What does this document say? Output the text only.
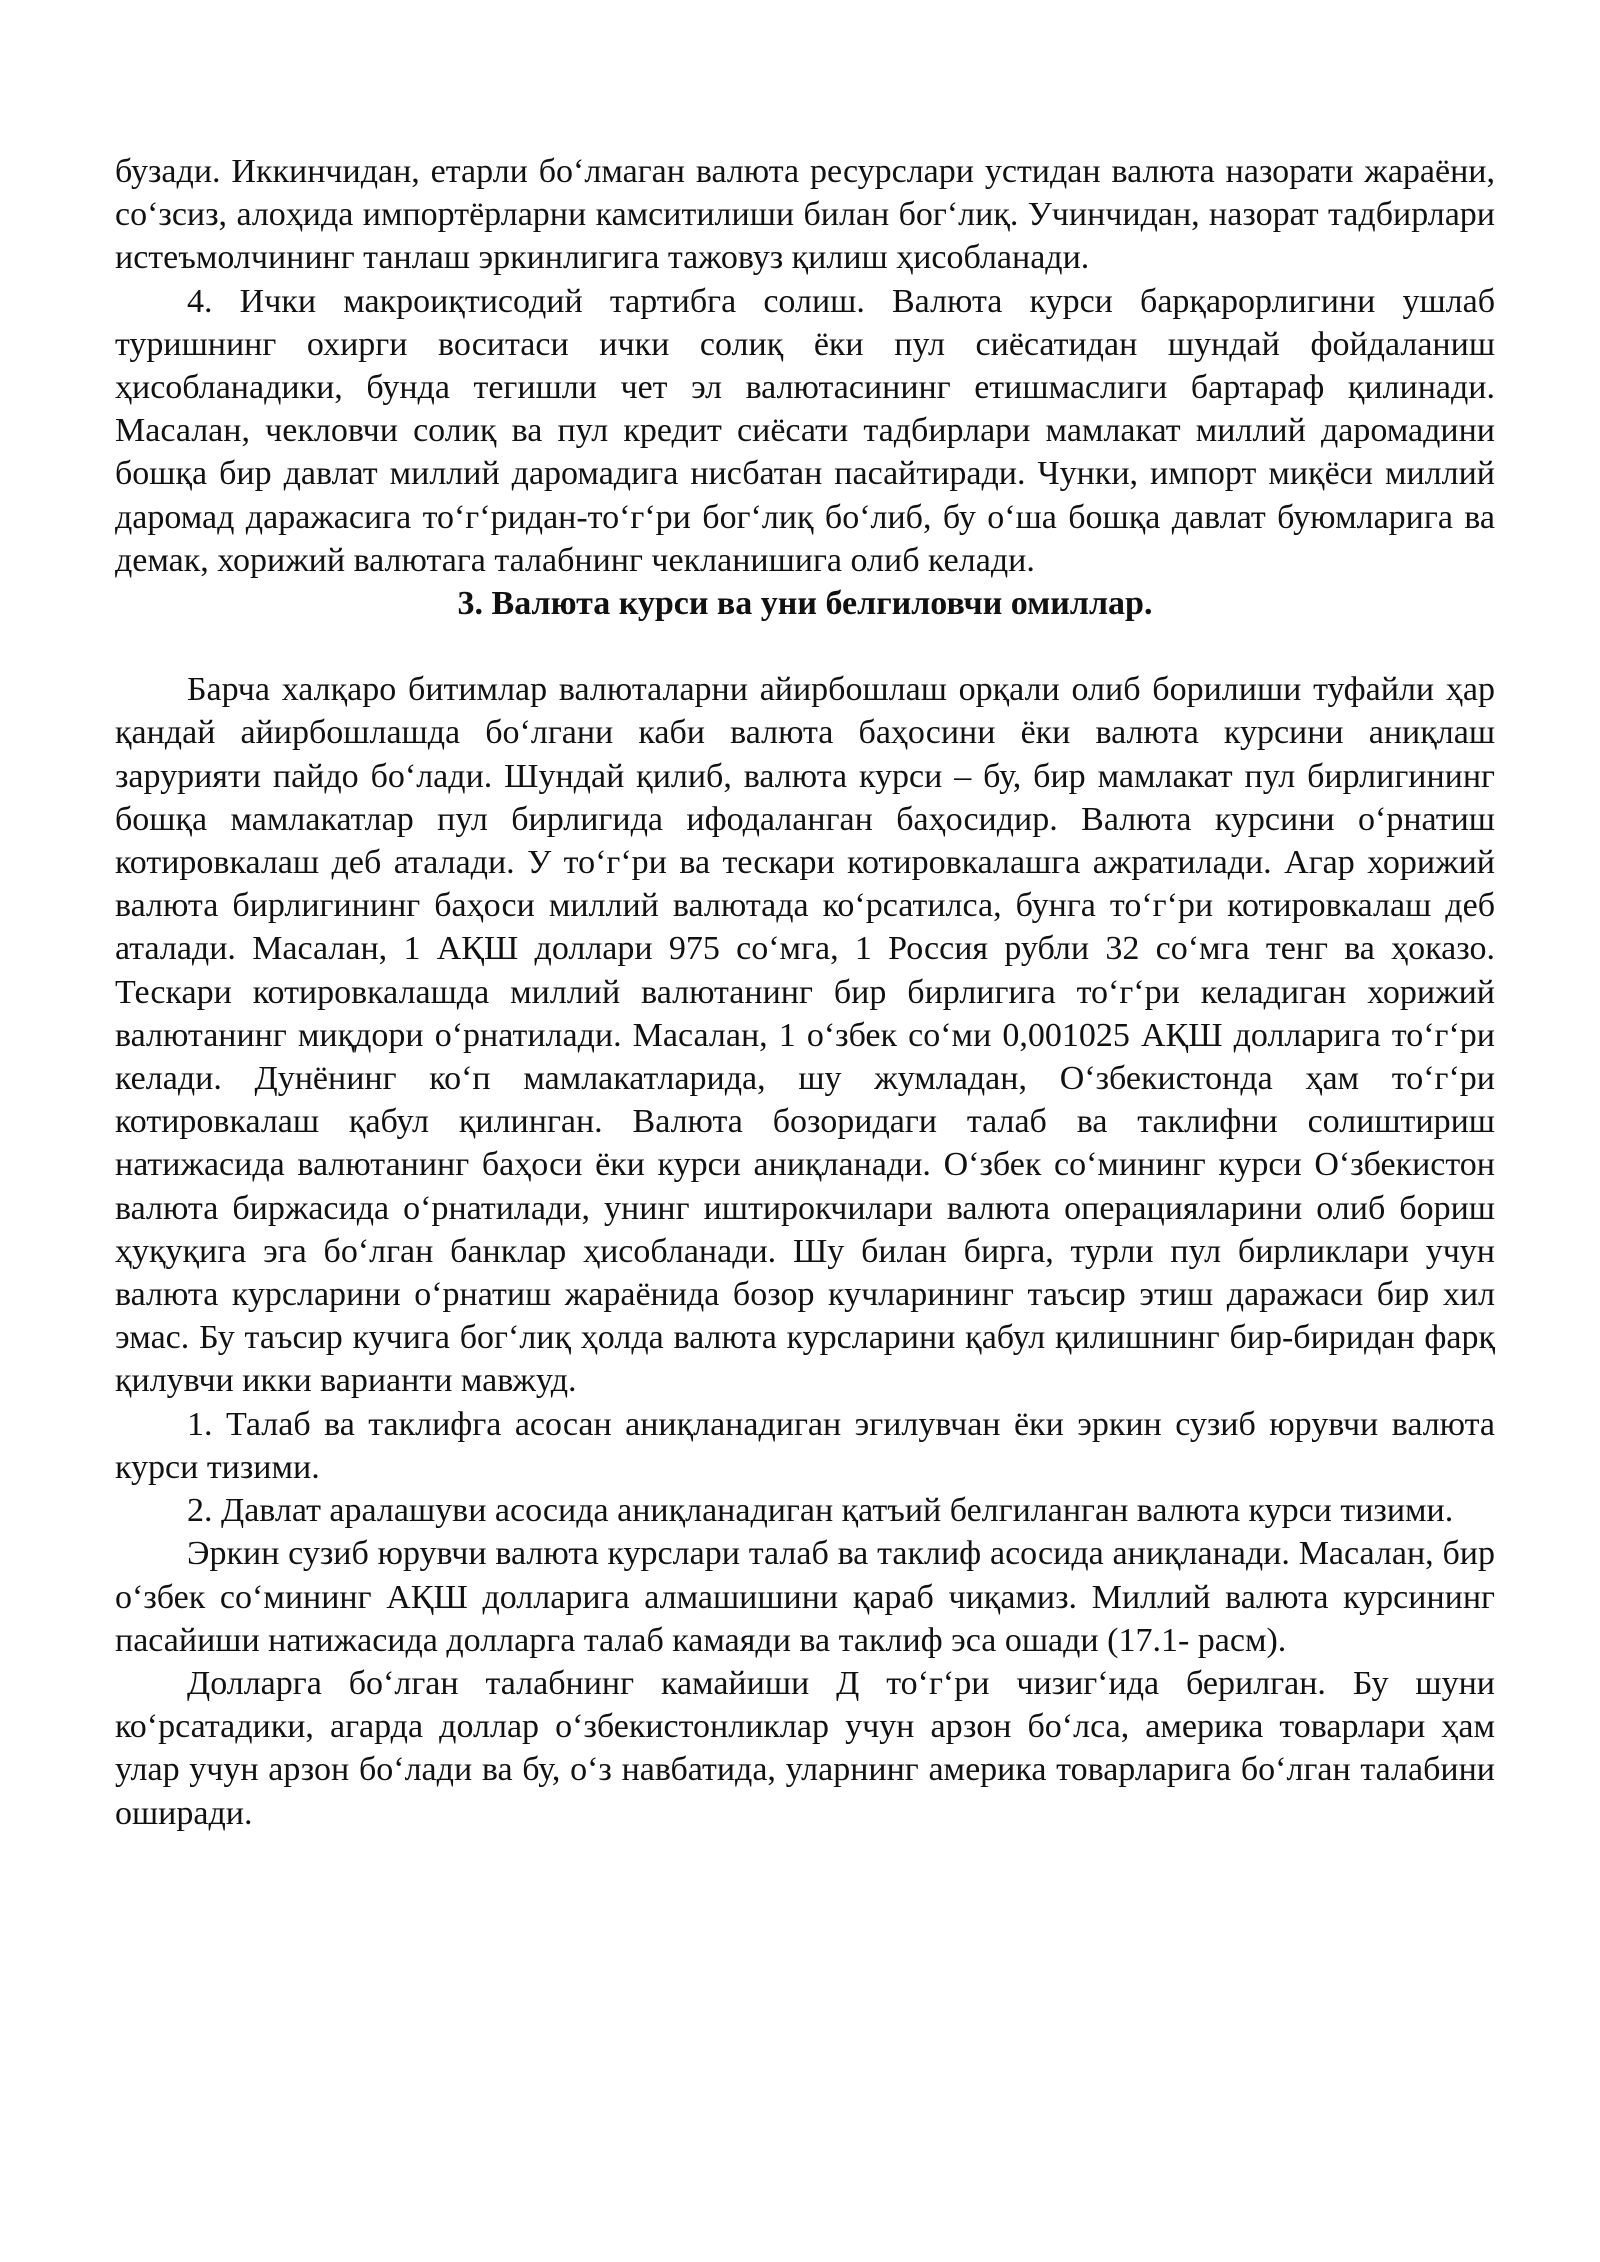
бузади. Иккинчидан, етарли бо‘лмаган валюта ресурслари устидан валюта назорати жараёни, со‘зсиз, алоҳида импортёрларни камситилиши билан бог‘лиқ. Учинчидан, назорат тадбирлари истеъмолчининг танлаш эркинлигига тажовуз қилиш ҳисобланади.

4. Ички макроиқтисодий тартибга солиш. Валюта курси барқарорлигини ушлаб туришнинг охирги воситаси ички солиқ ёки пул сиёсатидан шундай фойдаланиш ҳисобланадики, бунда тегишли чет эл валютасининг етишмаслиги бартараф қилинади. Масалан, чекловчи солиқ ва пул кредит сиёсати тадбирлари мамлакат миллий даромадини бошқа бир давлат миллий даромадига нисбатан пасайтиради. Чунки, импорт миқёси миллий даромад даражасига то‘г‘ридан-то‘г‘ри бог‘лиқ бо‘либ, бу о‘ша бошқа давлат буюмларига ва демак, хорижий валютага талабнинг чекланишига олиб келади.

3. Валюта курси ва уни белгиловчи омиллар.

Барча халқаро битимлар валюталарни айирбошлаш орқали олиб борилиши туфайли ҳар қандай айирбошлашда бо‘лгани каби валюта баҳосини ёки валюта курсини аниқлаш зарурияти пайдо бо‘лади. Шундай қилиб, валюта курси – бу, бир мамлакат пул бирлигининг бошқа мамлакатлар пул бирлигида ифодаланган баҳосидир. Валюта курсини о‘рнатиш котировкалаш деб аталади. У то‘г‘ри ва тескари котировкалашга ажратилади. Агар хорижий валюта бирлигининг баҳоси миллий валютада ко‘рсатилса, бунга то‘г‘ри котировкалаш деб аталади. Масалан, 1 АҚШ доллари 975 со‘мга, 1 Россия рубли 32 со‘мга тенг ва ҳоказо. Тескари котировкалашда миллий валютанинг бир бирлигига то‘г‘ри келадиган хорижий валютанинг миқдори о‘рнатилади. Масалан, 1 о‘збек со‘ми 0,001025 АҚШ долларига то‘г‘ри келади. Дунёнинг ко‘п мамлакатларида, шу жумладан, О‘збекистонда ҳам то‘г‘ри котировкалаш қабул қилинган. Валюта бозоридаги талаб ва таклифни солиштириш натижасида валютанинг баҳоси ёки курси аниқланади. О‘збек со‘мининг курси О‘збекистон валюта биржасида о‘рнатилади, унинг иштирокчилари валюта операцияларини олиб бориш ҳуқуқига эга бо‘лган банклар ҳисобланади. Шу билан бирга, турли пул бирликлари учун валюта курсларини о‘рнатиш жараёнида бозор кучларининг таъсир этиш даражаси бир хил эмас. Бу таъсир кучига бог‘лиқ ҳолда валюта курсларини қабул қилишнинг бир-биридан фарқ қилувчи икки варианти мавжуд.

1. Талаб ва таклифга асосан аниқланадиган эгилувчан ёки эркин сузиб юрувчи валюта курси тизими.

2. Давлат аралашуви асосида аниқланадиган қатъий белгиланган валюта курси тизими.

Эркин сузиб юрувчи валюта курслари талаб ва таклиф асосида аниқланади. Масалан, бир о‘збек со‘мининг АҚШ долларига алмашишини қараб чиқамиз. Миллий валюта курсининг пасайиши натижасида долларга талаб камаяди ва таклиф эса ошади (17.1- расм).

Долларга бо‘лган талабнинг камайиши Д то‘г‘ри чизиг‘ида берилган. Бу шуни ко‘рсатадики, агарда доллар о‘збекистонликлар учун арзон бо‘лса, америка товарлари ҳам улар учун арзон бо‘лади ва бу, о‘з навбатида, уларнинг америка товарларига бо‘лган талабини оширади.
